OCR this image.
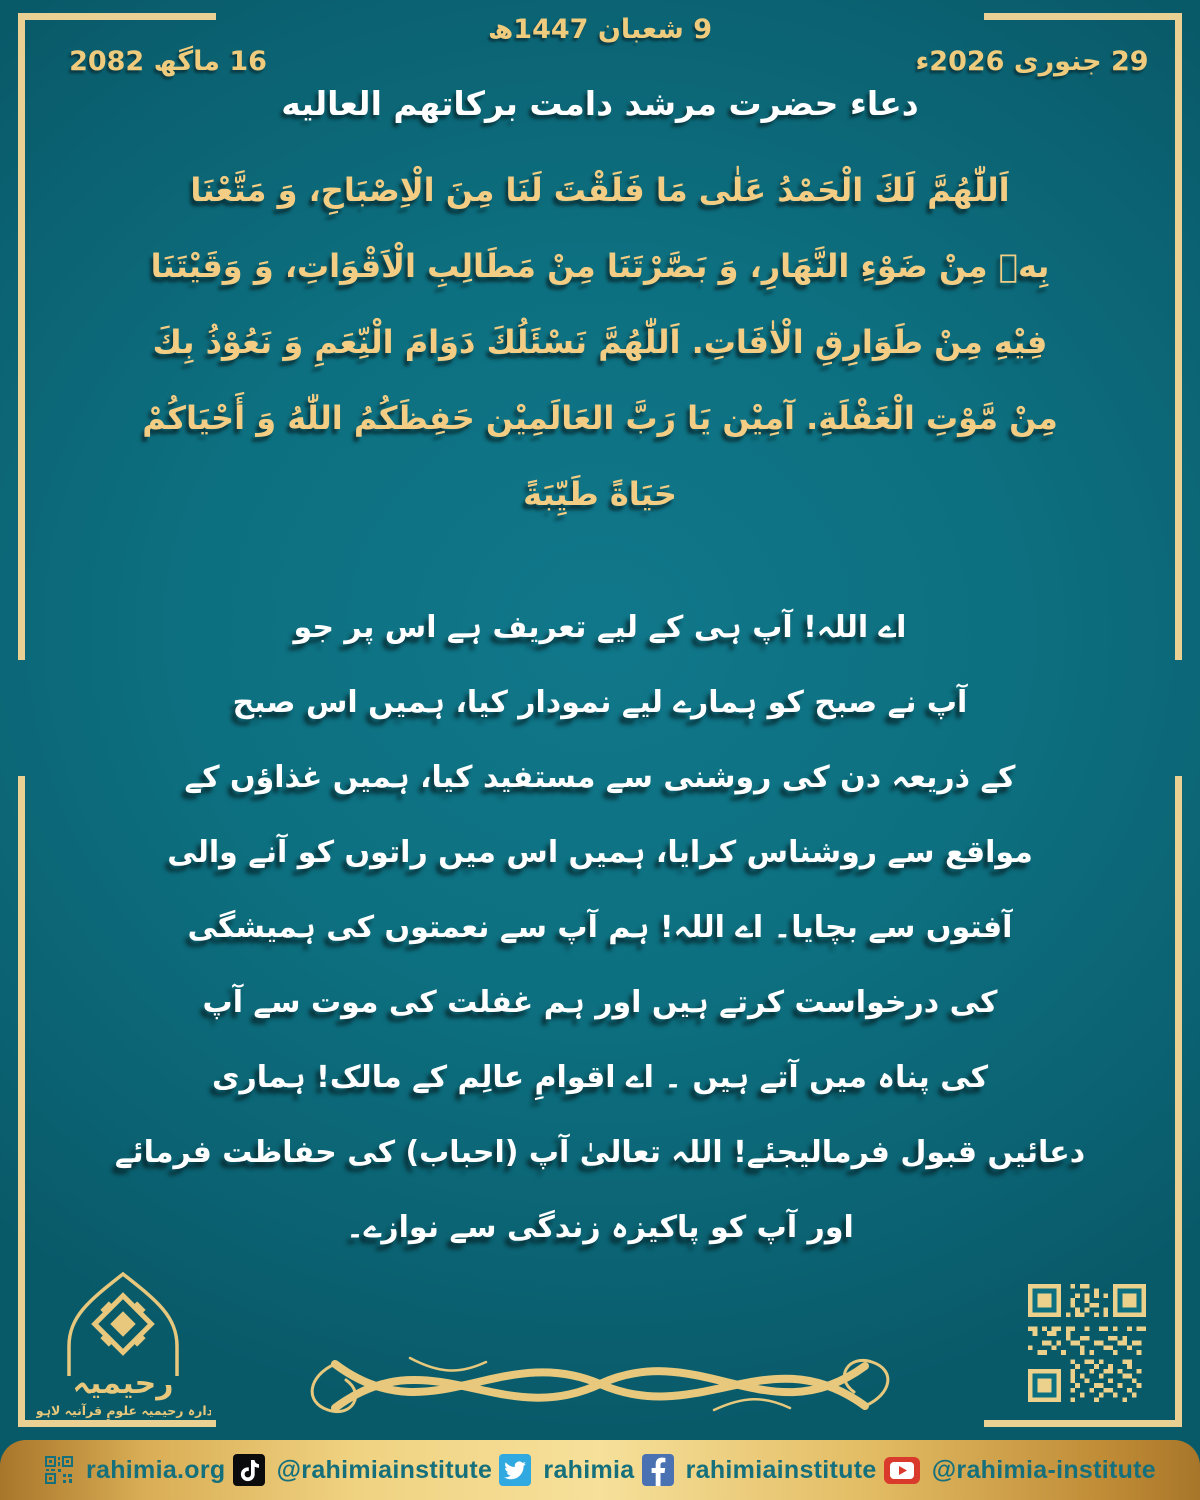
9 شعبان 1447ھ
29 جنوری 2026ء
16 ماگھ 2082
دعاء حضرت مرشد دامت بركاتهم العاليه
اَللّٰهُمَّ لَكَ الْحَمْدُ عَلٰى مَا فَلَقْتَ لَنَا مِنَ الْاِصْبَاحِ، وَ مَتَّعْنَا
بِهٖ مِنْ ضَوْءِ النَّهَارِ، وَ بَصَّرْتَنَا مِنْ مَطَالِبِ الْاَقْوَاتِ، وَ وَقَيْتَنَا
فِيْهِ مِنْ طَوَارِقِ الْاٰفَاتِ. اَللّٰهُمَّ نَسْئَلُكَ دَوَامَ الْنِّعَمِ وَ نَعُوْذُ بِكَ
مِنْ مَّوْتِ الْغَفْلَةِ. آمِيْن يَا رَبَّ العَالَمِيْن حَفِظَكُمُ اللّٰهُ وَ أَحْيَاكُمْ
حَيَاةً طَيِّبَةً
اے اللہ! آپ ہی کے لیے تعریف ہے اس پر جو
آپ نے صبح کو ہمارے لیے نمودار کیا، ہمیں اس صبح
کے ذریعہ دن کی روشنی سے مستفید کیا، ہمیں غذاؤں کے
مواقع سے روشناس کرایا، ہمیں اس میں راتوں کو آنے والی
آفتوں سے بچایا۔ اے اللہ! ہم آپ سے نعمتوں کی ہمیشگی
کی درخواست کرتے ہیں اور ہم غفلت کی موت سے آپ
کی پناہ میں آتے ہیں ۔ اے اقوامِ عالِم کے مالک! ہماری
دعائیں قبول فرمالیجئے! اللہ تعالیٰ آپ (احباب) کی حفاظت فرمائے
اور آپ کو پاکیزہ زندگی سے نوازے۔
رحیمیہ
ادارہ رحیمیہ علومِ قرآنیہ لاہور
@rahimia-institute
rahimiainstitute
rahimia
@rahimiainstitute
rahimia.org
